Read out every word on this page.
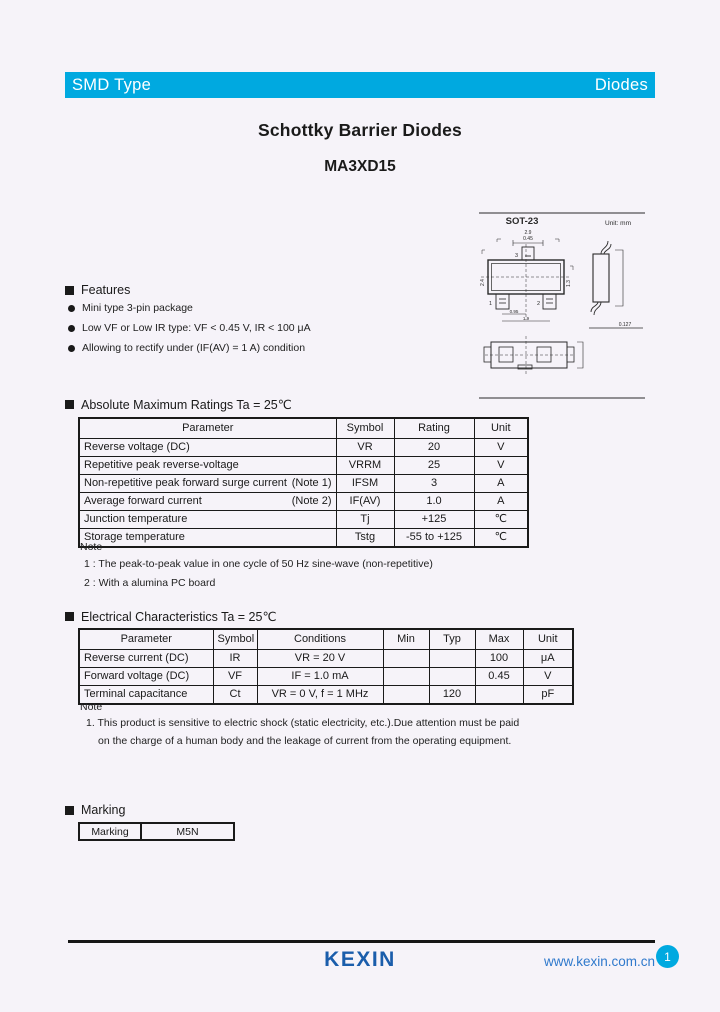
SMD Type	Diodes
Schottky Barrier Diodes
MA3XD15
SOT-23	Unit: mm
2.9
0.45
3
2.4	1.3
1	2
0.95
1.9
0.127
Features
Mini type 3-pin package
Low VF or Low IR type: VF < 0.45 V, IR < 100 μA
Allowing to rectify under (IF(AV) = 1 A) condition
Absolute Maximum Ratings Ta = 25℃
Parameter	Symbol	Rating	Unit

Reverse voltage (DC)	VR	20	V

Repetitive peak reverse-voltage	VRRM	25	V

Non-repetitive peak forward surge current (Note 1)	IFSM	3	A

Average forward current (Note 2)	IF(AV)	1.0	A

Junction temperature	Tj	+125	℃

Storage temperature	Tstg	-55 to +125	℃
Note
1 : The peak-to-peak value in one cycle of 50 Hz sine-wave (non-repetitive)
2 : With a alumina PC board
Electrical Characteristics Ta = 25℃
Parameter	Symbol	Conditions	Min	Typ	Max	Unit
Reverse current (DC)	IR	VR = 20 V			100	μA
Forward voltage (DC)	VF	IF = 1.0 mA			0.45	V
Terminal capacitance	Ct	VR = 0 V, f = 1 MHz		120		pF
Note
1. This product is sensitive to electric shock (static electricity, etc.).Due attention must be paid
on the charge of a human body and the leakage of current from the operating equipment.
Marking
Marking	M5N
KEXIN	www.kexin.com.cn 1
